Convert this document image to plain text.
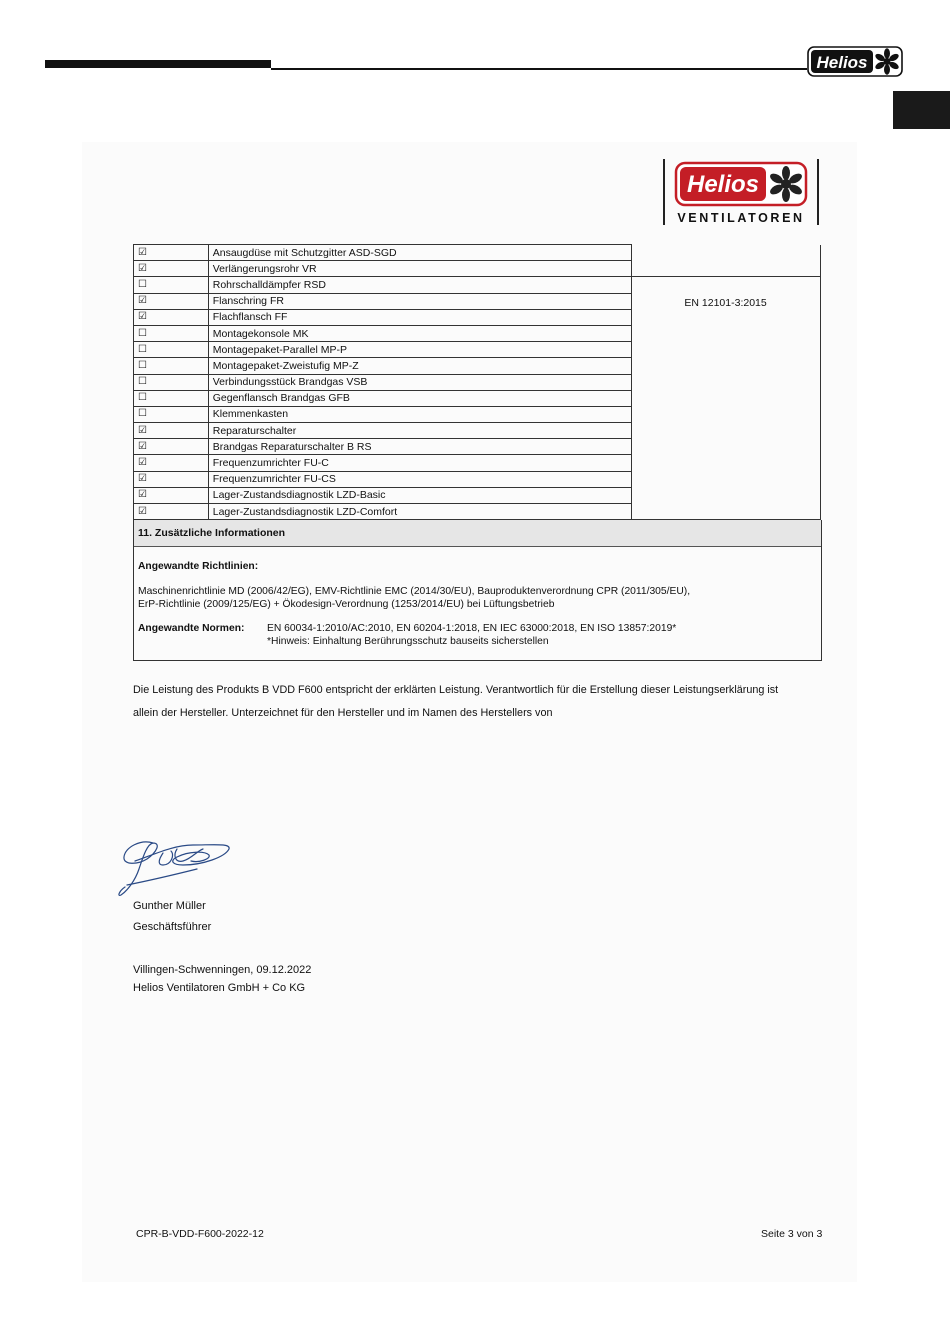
Helios
Helios
VENTILATOREN
☑	Ansaugdüse mit Schutzgitter ASD-SGD	
☑	Verlängerungsrohr VR	
☐	Rohrschalldämpfer RSD	EN 12101-3:2015

☑	Flanschring FR	
☑	Flachflansch FF	
☐	Montagekonsole MK	
☐	Montagepaket-Parallel MP-P	
☐	Montagepaket-Zweistufig MP-Z	
☐	Verbindungsstück Brandgas VSB	
☐	Gegenflansch Brandgas GFB	
☐	Klemmenkasten	
☑	Reparaturschalter	
☑	Brandgas Reparaturschalter B RS	
☑	Frequenzumrichter FU-C	
☑	Frequenzumrichter FU-CS	
☑	Lager-Zustandsdiagnostik LZD-Basic	
☑	Lager-Zustandsdiagnostik LZD-Comfort	
11. Zusätzliche Informationen
Angewandte Richtlinien:
Maschinenrichtlinie MD (2006/42/EG), EMV-Richtlinie EMC (2014/30/EU), Bauproduktenverordnung CPR (2011/305/EU),
ErP-Richtlinie (2009/125/EG) + Ökodesign-Verordnung (1253/2014/EU) bei Lüftungsbetrieb
Angewandte Normen: EN 60034-1:2010/AC:2010, EN 60204-1:2018, EN IEC 63000:2018, EN ISO 13857:2019*
*Hinweis: Einhaltung Berührungsschutz bauseits sicherstellen
Die Leistung des Produkts B VDD F600 entspricht der erklärten Leistung. Verantwortlich für die Erstellung dieser Leistungserklärung ist
allein der Hersteller. Unterzeichnet für den Hersteller und im Namen des Herstellers von
Gunther Müller
Geschäftsführer
Villingen-Schwenningen, 09.12.2022
Helios Ventilatoren GmbH + Co KG
CPR-B-VDD-F600-2022-12	Seite 3 von 3
